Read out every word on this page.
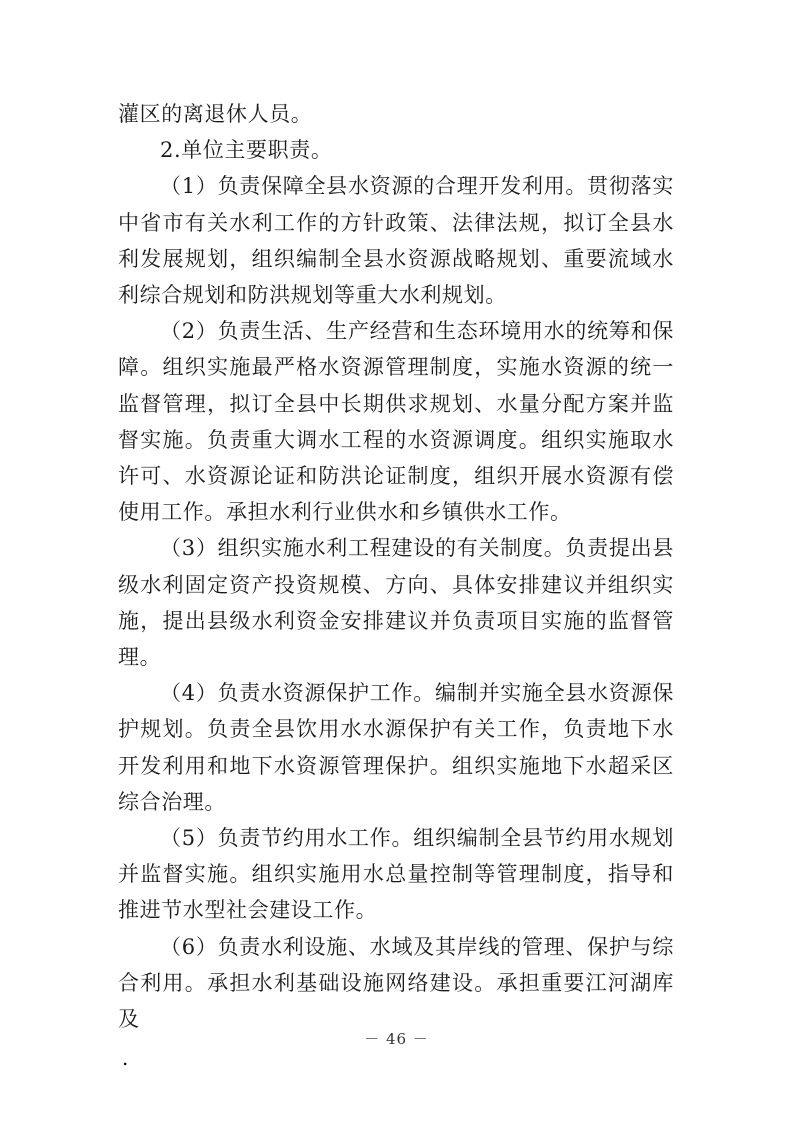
灌区的离退休人员。

2.单位主要职责。

（1）负责保障全县水资源的合理开发利用。贯彻落实中省市有关水利工作的方针政策、法律法规，拟订全县水利发展规划，组织编制全县水资源战略规划、重要流域水利综合规划和防洪规划等重大水利规划。

（2）负责生活、生产经营和生态环境用水的统筹和保障。组织实施最严格水资源管理制度，实施水资源的统一监督管理，拟订全县中长期供求规划、水量分配方案并监督实施。负责重大调水工程的水资源调度。组织实施取水许可、水资源论证和防洪论证制度，组织开展水资源有偿使用工作。承担水利行业供水和乡镇供水工作。

（3）组织实施水利工程建设的有关制度。负责提出县级水利固定资产投资规模、方向、具体安排建议并组织实施，提出县级水利资金安排建议并负责项目实施的监督管理。

（4）负责水资源保护工作。编制并实施全县水资源保护规划。负责全县饮用水水源保护有关工作，负责地下水开发利用和地下水资源管理保护。组织实施地下水超采区综合治理。

（5）负责节约用水工作。组织编制全县节约用水规划并监督实施。组织实施用水总量控制等管理制度，指导和推进节水型社会建设工作。

（6）负责水利设施、水域及其岸线的管理、保护与综合利用。承担水利基础设施网络建设。承担重要江河湖库及

－ 46 －
.
